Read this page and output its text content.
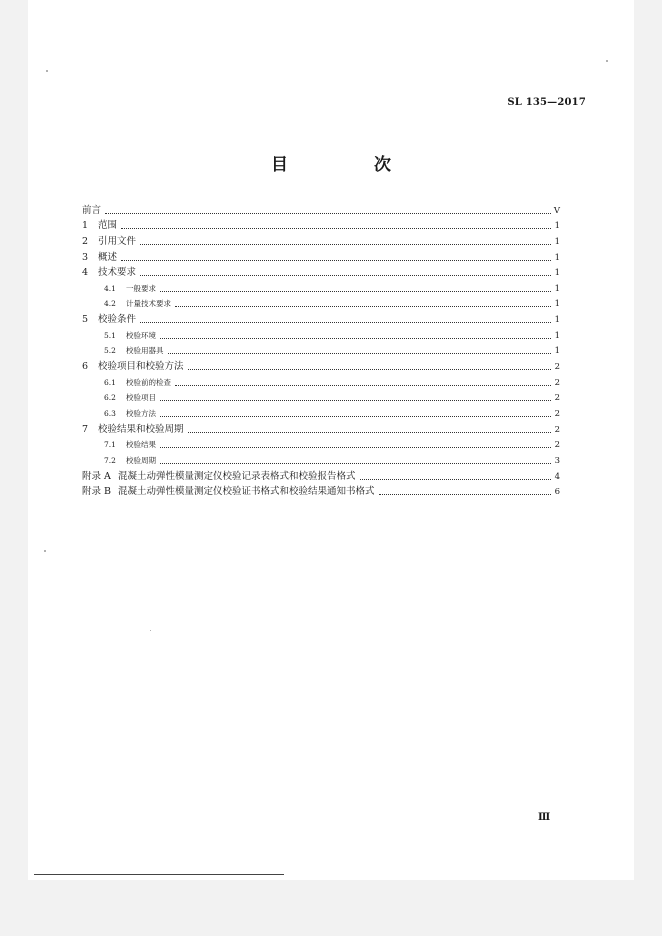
SL 135—2017
目 次
前言	V
1	范围	1
2	引用文件	1
3	概述	1
4	技术要求	1
4.1	一般要求	1
4.2	计量技术要求	1
5	校验条件	1
5.1	校验环境	1
5.2	校验用器具	1
6	校验项目和校验方法	2
6.1	校验前的检查	2
6.2	校验项目	2
6.3	校验方法	2
7	校验结果和校验周期	2
7.1	校验结果	2
7.2	校验周期	3
附录 A 混凝土动弹性模量测定仪校验记录表格式和校验报告格式	4
附录 B 混凝土动弹性模量测定仪校验证书格式和校验结果通知书格式	6
Ⅲ
